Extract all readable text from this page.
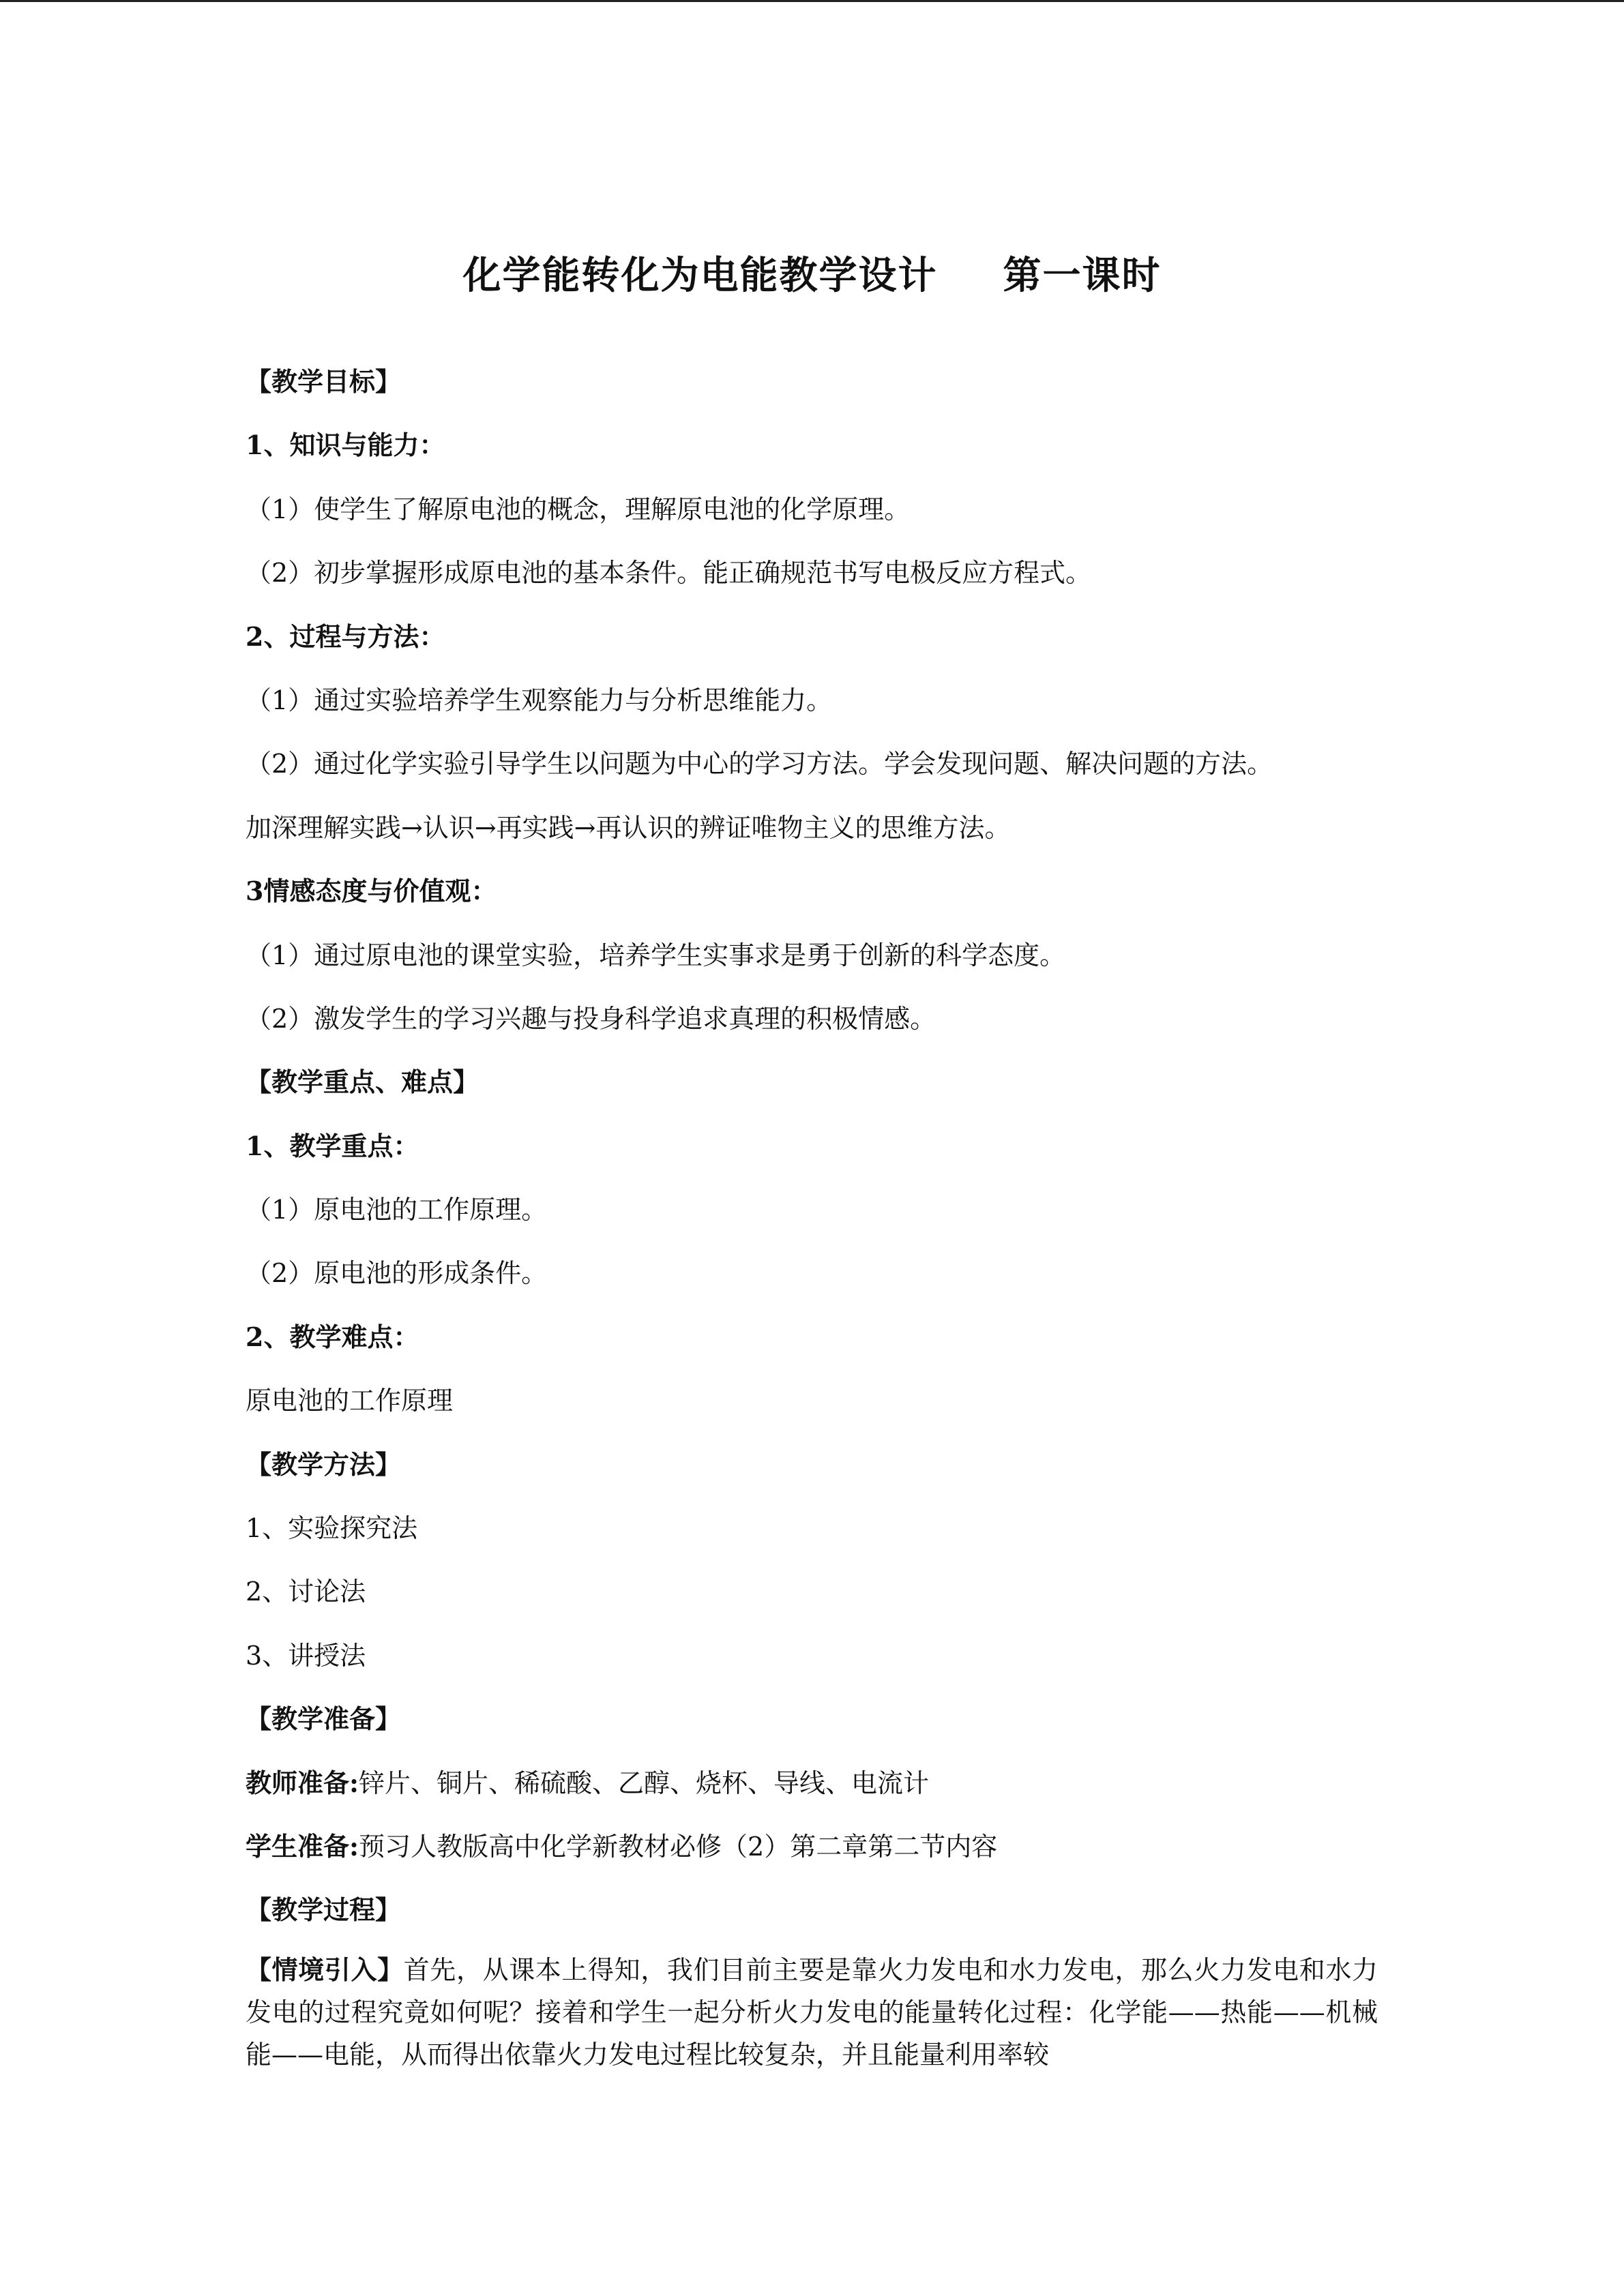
化学能转化为电能教学设计 第一课时
【教学目标】
1、知识与能力：
（1）使学生了解原电池的概念，理解原电池的化学原理。
（2）初步掌握形成原电池的基本条件。能正确规范书写电极反应方程式。
2、过程与方法：
（1）通过实验培养学生观察能力与分析思维能力。
（2）通过化学实验引导学生以问题为中心的学习方法。学会发现问题、解决问题的方法。
加深理解实践→认识→再实践→再认识的辨证唯物主义的思维方法。
3情感态度与价值观：
（1）通过原电池的课堂实验，培养学生实事求是勇于创新的科学态度。
（2）激发学生的学习兴趣与投身科学追求真理的积极情感。
【教学重点、难点】
1、教学重点：
（1）原电池的工作原理。
（2）原电池的形成条件。
2、教学难点：
原电池的工作原理
【教学方法】
1、实验探究法
2、讨论法
3、讲授法
【教学准备】
教师准备:锌片、铜片、稀硫酸、乙醇、烧杯、导线、电流计
学生准备:预习人教版高中化学新教材必修（2）第二章第二节内容
【教学过程】
【情境引入】首先，从课本上得知，我们目前主要是靠火力发电和水力发电，那么火力发电和水力发电的过程究竟如何呢？接着和学生一起分析火力发电的能量转化过程：化学能——热能——机械能——电能，从而得出依靠火力发电过程比较复杂，并且能量利用率较
